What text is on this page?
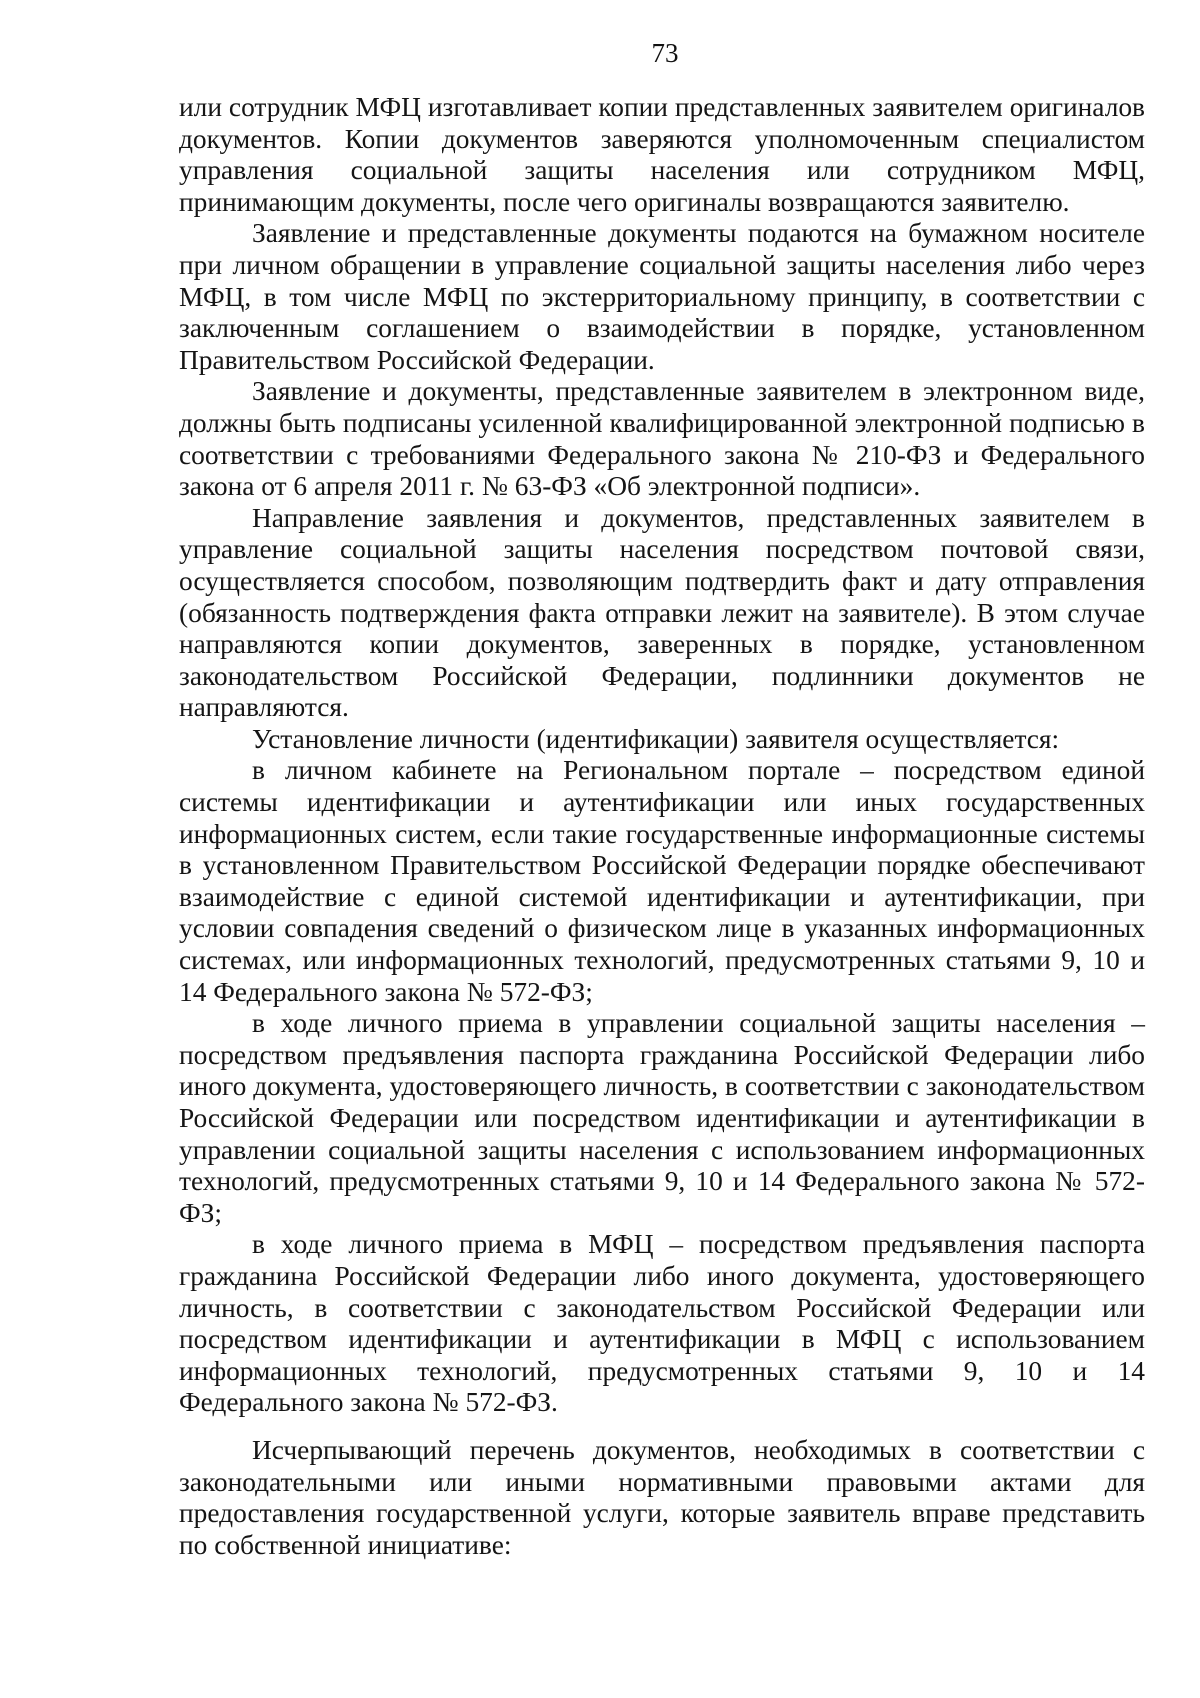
73

или сотрудник МФЦ изготавливает копии представленных заявителем оригиналов документов. Копии документов заверяются уполномоченным специалистом управления социальной защиты населения или сотрудником МФЦ, принимающим документы, после чего оригиналы возвращаются заявителю.

Заявление и представленные документы подаются на бумажном носителе при личном обращении в управление социальной защиты населения либо через МФЦ, в том числе МФЦ по экстерриториальному принципу, в соответствии с заключенным соглашением о взаимодействии в порядке, установленном Правительством Российской Федерации.

Заявление и документы, представленные заявителем в электронном виде, должны быть подписаны усиленной квалифицированной электронной подписью в соответствии с требованиями Федерального закона № 210-ФЗ и Федерального закона от 6 апреля 2011 г. № 63-ФЗ «Об электронной подписи».

Направление заявления и документов, представленных заявителем в управление социальной защиты населения посредством почтовой связи, осуществляется способом, позволяющим подтвердить факт и дату отправления (обязанность подтверждения факта отправки лежит на заявителе). В этом случае направляются копии документов, заверенных в порядке, установленном законодательством Российской Федерации, подлинники документов не направляются.

Установление личности (идентификации) заявителя осуществляется:

в личном кабинете на Региональном портале – посредством единой системы идентификации и аутентификации или иных государственных информационных систем, если такие государственные информационные системы в установленном Правительством Российской Федерации порядке обеспечивают взаимодействие с единой системой идентификации и аутентификации, при условии совпадения сведений о физическом лице в указанных информационных системах, или информационных технологий, предусмотренных статьями 9, 10 и 14 Федерального закона № 572-ФЗ;

в ходе личного приема в управлении социальной защиты населения – посредством предъявления паспорта гражданина Российской Федерации либо иного документа, удостоверяющего личность, в соответствии с законодательством Российской Федерации или посредством идентификации и аутентификации в управлении социальной защиты населения с использованием информационных технологий, предусмотренных статьями 9, 10 и 14 Федерального закона № 572-ФЗ;

в ходе личного приема в МФЦ – посредством предъявления паспорта гражданина Российской Федерации либо иного документа, удостоверяющего личность, в соответствии с законодательством Российской Федерации или посредством идентификации и аутентификации в МФЦ с использованием информационных технологий, предусмотренных статьями 9, 10 и 14 Федерального закона № 572-ФЗ.

Исчерпывающий перечень документов, необходимых в соответствии с законодательными или иными нормативными правовыми актами для предоставления государственной услуги, которые заявитель вправе представить по собственной инициативе:
